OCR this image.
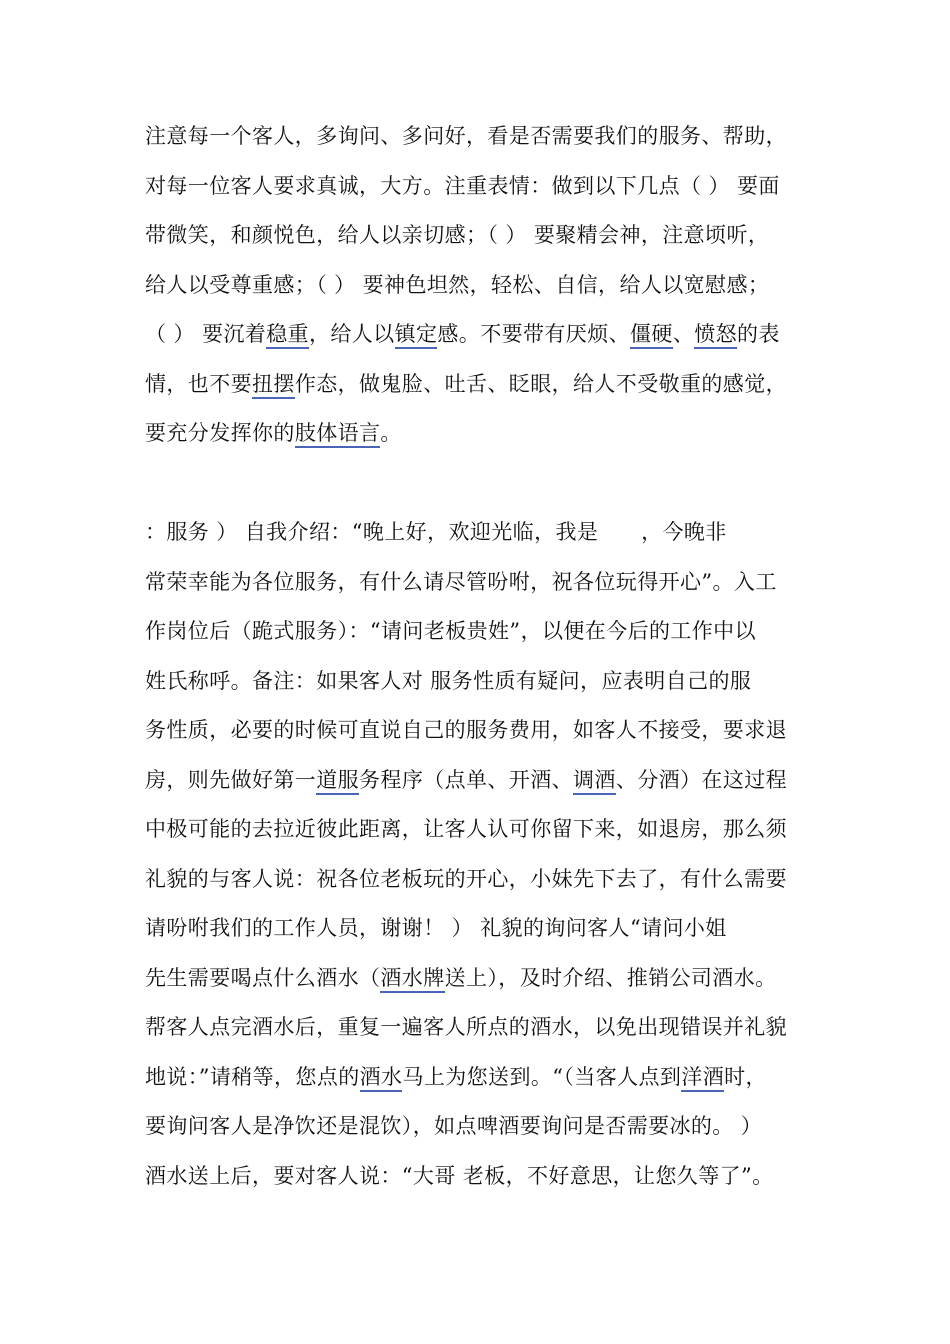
注意每一个客人，多询问、多问好，看是否需要我们的服务、帮助，
对每一位客人要求真诚，大方。注重表情：做到以下几点（ ） 要面
带微笑，和颜悦色，给人以亲切感；（ ） 要聚精会神，注意顷听，
给人以受尊重感；（ ） 要神色坦然，轻松、自信，给人以宽慰感；
（ ） 要沉着稳重，给人以镇定感。不要带有厌烦、僵硬、愤怒的表
情，也不要扭摆作态，做鬼脸、吐舌、眨眼，给人不受敬重的感觉，
要充分发挥你的肢体语言。
：服务 ） 自我介绍：“晚上好，欢迎光临，我是　　，今晚非
常荣幸能为各位服务，有什么请尽管吩咐，祝各位玩得开心”。入工
作岗位后（跪式服务）：“请问老板贵姓”，以便在今后的工作中以
姓氏称呼。备注：如果客人对 服务性质有疑问，应表明自己的服
务性质，必要的时候可直说自己的服务费用，如客人不接受，要求退
房，则先做好第一道服务程序（点单、开酒、调酒、分酒）在这过程
中极可能的去拉近彼此距离，让客人认可你留下来，如退房，那么须
礼貌的与客人说：祝各位老板玩的开心，小妹先下去了，有什么需要
请吩咐我们的工作人员，谢谢！ ） 礼貌的询问客人“请问小姐
先生需要喝点什么酒水（酒水牌送上），及时介绍、推销公司酒水。
帮客人点完酒水后，重复一遍客人所点的酒水，以免出现错误并礼貌
地说：”请稍等，您点的酒水马上为您送到。“（当客人点到洋酒时，
要询问客人是净饮还是混饮），如点啤酒要询问是否需要冰的。 ）
酒水送上后，要对客人说：“大哥 老板，不好意思，让您久等了”。
